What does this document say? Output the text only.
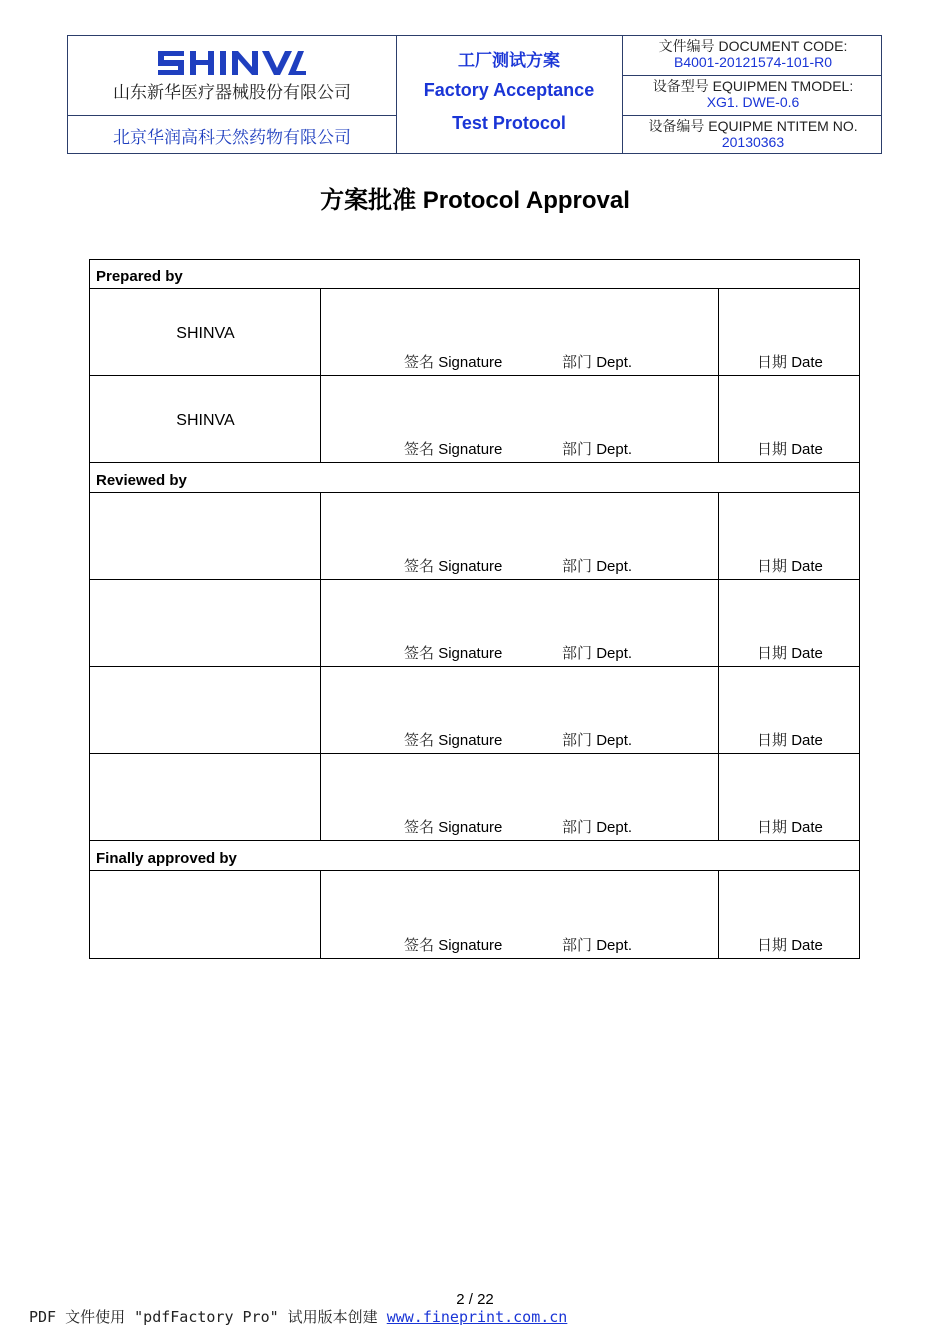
山东新华医疗器械股份有限公司
北京华润高科天然药物有限公司
工厂测试方案
Factory Acceptance
Test Protocol
文件编号 DOCUMENT CODE:
B4001-20121574-101-R0
设备型号 EQUIPMEN TMODEL:
XG1. DWE-0.6
设备编号 EQUIPME NTITEM NO.
20130363
方案批准 Protocol Approval
Prepared by
SHINVA
签名 Signature	部门 Dept.	日期 Date
SHINVA
签名 Signature	部门 Dept.	日期 Date
Reviewed by
签名 Signature	部门 Dept.	日期 Date
签名 Signature	部门 Dept.	日期 Date
签名 Signature	部门 Dept.	日期 Date
签名 Signature	部门 Dept.	日期 Date
Finally approved by
签名 Signature	部门 Dept.	日期 Date
2 / 22
PDF 文件使用 "pdfFactory Pro" 试用版本创建 www.fineprint.com.cn
